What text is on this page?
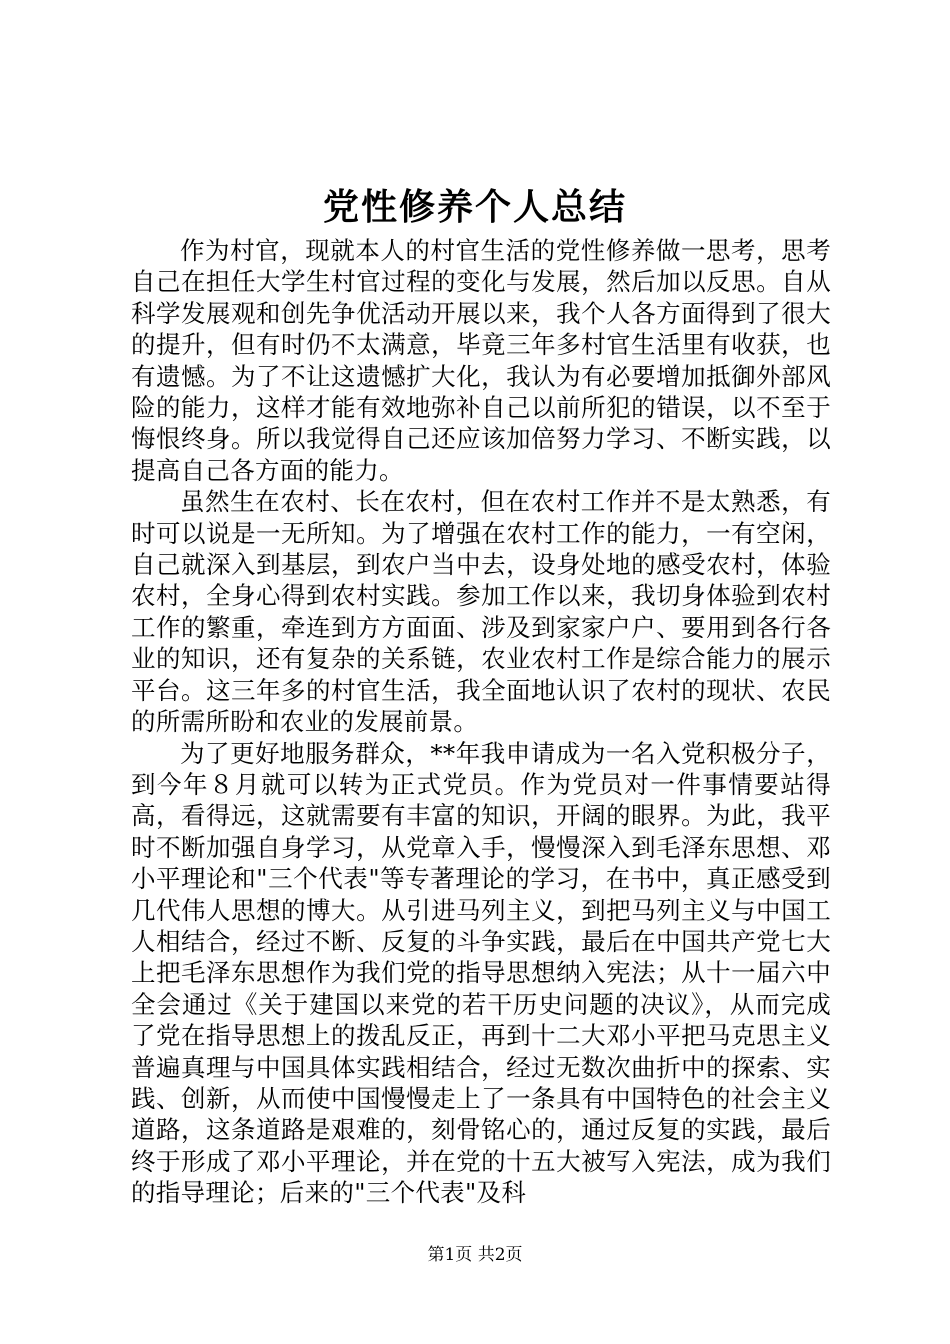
党性修养个人总结

作为村官，现就本人的村官生活的党性修养做一思考，思考自己在担任大学生村官过程的变化与发展，然后加以反思。自从科学发展观和创先争优活动开展以来，我个人各方面得到了很大的提升，但有时仍不太满意，毕竟三年多村官生活里有收获，也有遗憾。为了不让这遗憾扩大化，我认为有必要增加抵御外部风险的能力，这样才能有效地弥补自己以前所犯的错误，以不至于悔恨终身。所以我觉得自己还应该加倍努力学习、不断实践，以提高自己各方面的能力。

虽然生在农村、长在农村，但在农村工作并不是太熟悉，有时可以说是一无所知。为了增强在农村工作的能力，一有空闲，自己就深入到基层，到农户当中去，设身处地的感受农村，体验农村，全身心得到农村实践。参加工作以来，我切身体验到农村工作的繁重，牵连到方方面面、涉及到家家户户、要用到各行各业的知识，还有复杂的关系链，农业农村工作是综合能力的展示平台。这三年多的村官生活，我全面地认识了农村的现状、农民的所需所盼和农业的发展前景。

为了更好地服务群众，**年我申请成为一名入党积极分子，到今年８月就可以转为正式党员。作为党员对一件事情要站得高，看得远，这就需要有丰富的知识，开阔的眼界。为此，我平时不断加强自身学习，从党章入手，慢慢深入到毛泽东思想、邓小平理论和"三个代表"等专著理论的学习，在书中，真正感受到几代伟人思想的博大。从引进马列主义，到把马列主义与中国工人相结合，经过不断、反复的斗争实践，最后在中国共产党七大上把毛泽东思想作为我们党的指导思想纳入宪法；从十一届六中全会通过《关于建国以来党的若干历史问题的决议》，从而完成了党在指导思想上的拨乱反正，再到十二大邓小平把马克思主义普遍真理与中国具体实践相结合，经过无数次曲折中的探索、实践、创新，从而使中国慢慢走上了一条具有中国特色的社会主义道路，这条道路是艰难的，刻骨铭心的，通过反复的实践，最后终于形成了邓小平理论，并在党的十五大被写入宪法，成为我们的指导理论；后来的"三个代表"及科

第1页 共2页
